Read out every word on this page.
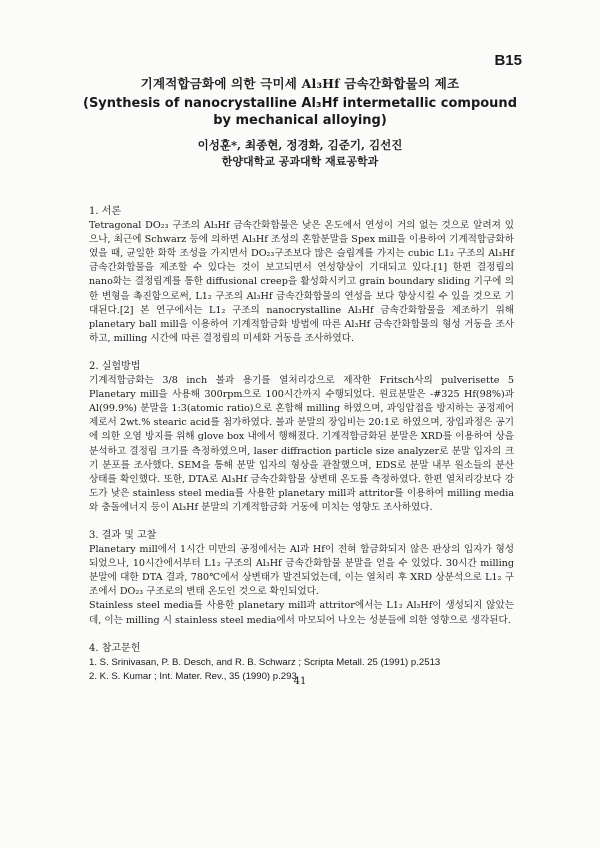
B15
기계적합금화에 의한 극미세 Al₃Hf 금속간화합물의 제조
(Synthesis of nanocrystalline Al₃Hf intermetallic compound
by mechanical alloying)
이성훈*, 최종현, 정경화, 김준기, 김선진
한양대학교 공과대학 재료공학과

1. 서론

Tetragonal DO₂₃ 구조의 Al₃Hf 금속간화합물은 낮은 온도에서 연성이 거의 없는 것으로 알려져 있으나, 최근에 Schwarz 등에 의하면 Al₃Hf 조성의 혼합분말을 Spex mill을 이용하여 기계적합금화하였을 때, 균일한 화학 조성을 가지면서 DO₂₃구조보다 많은 슬립계를 가지는 cubic L1₂ 구조의 Al₃Hf 금속간화합물을 제조할 수 있다는 것이 보고되면서 연성향상이 기대되고 있다.[1] 한편 결정립의 nano화는 결정립계를 통한 diffusional creep을 활성화시키고 grain boundary sliding 기구에 의한 변형을 촉진함으로써, L1₂ 구조의 Al₃Hf 금속간화합물의 연성을 보다 향상시킬 수 있을 것으로 기대된다.[2] 본 연구에서는 L1₂ 구조의 nanocrystalline Al₃Hf 금속간화합물을 제조하기 위해 planetary ball mill을 이용하여 기계적합금화 방법에 따른 Al₃Hf 금속간화합물의 형성 거동을 조사하고, milling 시간에 따른 결정립의 미세화 거동을 조사하였다.

2. 실험방법

기계적합금화는 3/8 inch 볼과 용기를 열처리강으로 제작한 Fritsch사의 pulverisette 5 Planetary mill을 사용해 300rpm으로 100시간까지 수행되었다. 원료분말은 -#325 Hf(98%)과 Al(99.9%) 분말을 1:3(atomic ratio)으로 혼합해 milling 하였으며, 과잉압접을 방지하는 공정제어제로서 2wt.% stearic acid를 첨가하였다. 볼과 분말의 장입비는 20:1로 하였으며, 장입과정은 공기에 의한 오염 방지를 위해 glove box 내에서 행해졌다. 기계적합금화된 분말은 XRD를 이용하여 상을 분석하고 결정립 크기를 측정하였으며, laser diffraction particle size analyzer로 분말 입자의 크기 분포를 조사했다. SEM을 통해 분말 입자의 형상을 관찰했으며, EDS로 분말 내부 원소들의 분산 상태를 확인했다. 또한, DTA로 Al₃Hf 금속간화합물 상변태 온도를 측정하였다. 한편 열처리강보다 강도가 낮은 stainless steel media를 사용한 planetary mill과 attritor를 이용하여 milling media와 충돌에너지 등이 Al₃Hf 분말의 기계적합금화 거동에 미치는 영향도 조사하였다.

3. 결과 및 고찰

Planetary mill에서 1시간 미만의 공정에서는 Al과 Hf이 전혀 합금화되지 않은 판상의 입자가 형성되었으나, 10시간에서부터 L1₂ 구조의 Al₃Hf 금속간화합물 분말을 얻을 수 있었다. 30시간 milling 분말에 대한 DTA 결과, 780℃에서 상변태가 발견되었는데, 이는 열처리 후 XRD 상분석으로 L1₂ 구조에서 DO₂₃ 구조로의 변태 온도인 것으로 확인되었다.

Stainless steel media를 사용한 planetary mill과 attritor에서는 L1₂ Al₃Hf이 생성되지 않았는데, 이는 milling 시 stainless steel media에서 마모되어 나오는 성분들에 의한 영향으로 생각된다.

4. 참고문헌

1. S. Srinivasan, P. B. Desch, and R. B. Schwarz ; Scripta Metall. 25 (1991) p.2513

2. K. S. Kumar ; Int. Mater. Rev., 35 (1990) p.293

41
